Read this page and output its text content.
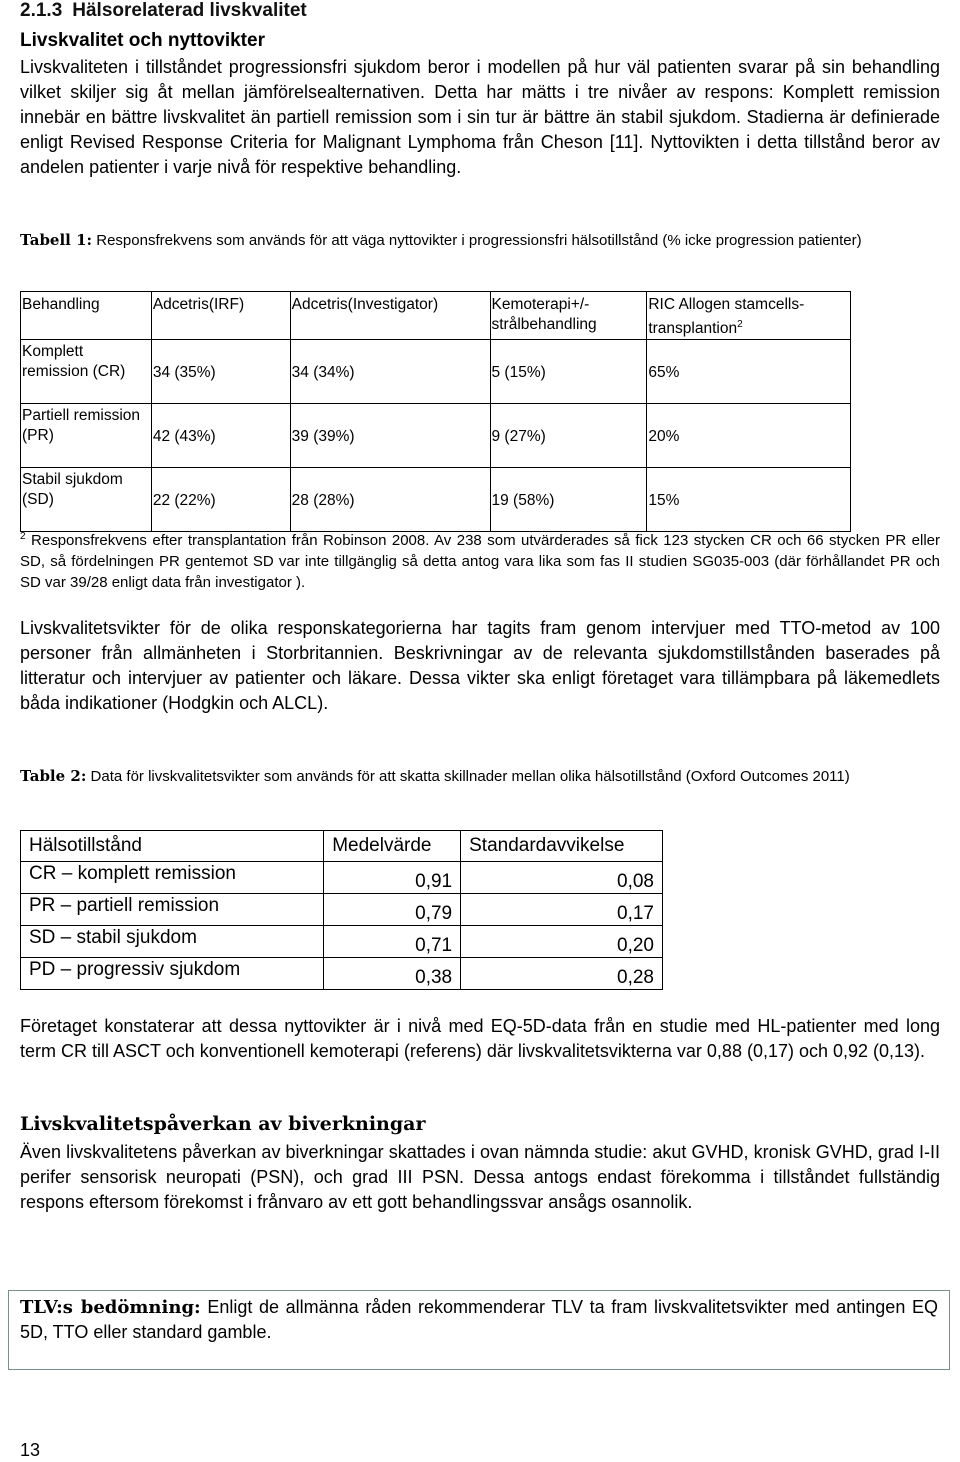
2.1.3 Hälsorelaterad livskvalitet
Livskvalitet och nyttovikter
Livskvaliteten i tillståndet progressionsfri sjukdom beror i modellen på hur väl patienten svarar på sin behandling vilket skiljer sig åt mellan jämförelsealternativen. Detta har mätts i tre nivåer av respons: Komplett remission innebär en bättre livskvalitet än partiell remission som i sin tur är bättre än stabil sjukdom. Stadierna är definierade enligt Revised Response Criteria for Malignant Lymphoma från Cheson [11]. Nyttovikten i detta tillstånd beror av andelen patienter i varje nivå för respektive behandling.
Tabell 1: Responsfrekvens som används för att väga nyttovikter i progressionsfri hälsotillstånd (% icke progression patienter)
Behandling	Adcetris(IRF)	Adcetris(Investigator)	Kemoterapi+/-strålbehandling	RIC Allogen stamcells-transplantion$^2$
Komplett remission (CR)	34 (35%)	34 (34%)	5 (15%)	65%
Partiell remission (PR)	42 (43%)	39 (39%)	9 (27%)	20%
Stabil sjukdom (SD)	22 (22%)	28 (28%)	19 (58%)	15%
$^2$ Responsfrekvens efter transplantation från Robinson 2008. Av 238 som utvärderades så fick 123 stycken CR och 66 stycken PR eller SD, så fördelningen PR gentemot SD var inte tillgänglig så detta antog vara lika som fas II studien SG035-003 (där förhållandet PR och SD var 39/28 enligt data från investigator ).
Livskvalitetsvikter för de olika responskategorierna har tagits fram genom intervjuer med TTO-metod av 100 personer från allmänheten i Storbritannien. Beskrivningar av de relevanta sjukdomstillstånden baserades på litteratur och intervjuer av patienter och läkare. Dessa vikter ska enligt företaget vara tillämpbara på läkemedlets båda indikationer (Hodgkin och ALCL).
Table 2: Data för livskvalitetsvikter som används för att skatta skillnader mellan olika hälsotillstånd (Oxford Outcomes 2011)
Hälsotillstånd	Medelvärde	Standardavvikelse
CR – komplett remission	0,91	0,08
PR – partiell remission	0,79	0,17
SD – stabil sjukdom	0,71	0,20
PD – progressiv sjukdom	0,38	0,28
Företaget konstaterar att dessa nyttovikter är i nivå med EQ-5D-data från en studie med HL-patienter med long term CR till ASCT och konventionell kemoterapi (referens) där livskvalitetsvikterna var 0,88 (0,17) och 0,92 (0,13).
Livskvalitetspåverkan av biverkningar
Även livskvalitetens påverkan av biverkningar skattades i ovan nämnda studie: akut GVHD, kronisk GVHD, grad I-II perifer sensorisk neuropati (PSN), och grad III PSN. Dessa antogs endast förekomma i tillståndet fullständig respons eftersom förekomst i frånvaro av ett gott behandlingssvar ansågs osannolik.
TLV:s bedömning: Enligt de allmänna råden rekommenderar TLV ta fram livskvalitetsvikter med antingen EQ 5D, TTO eller standard gamble.
13
